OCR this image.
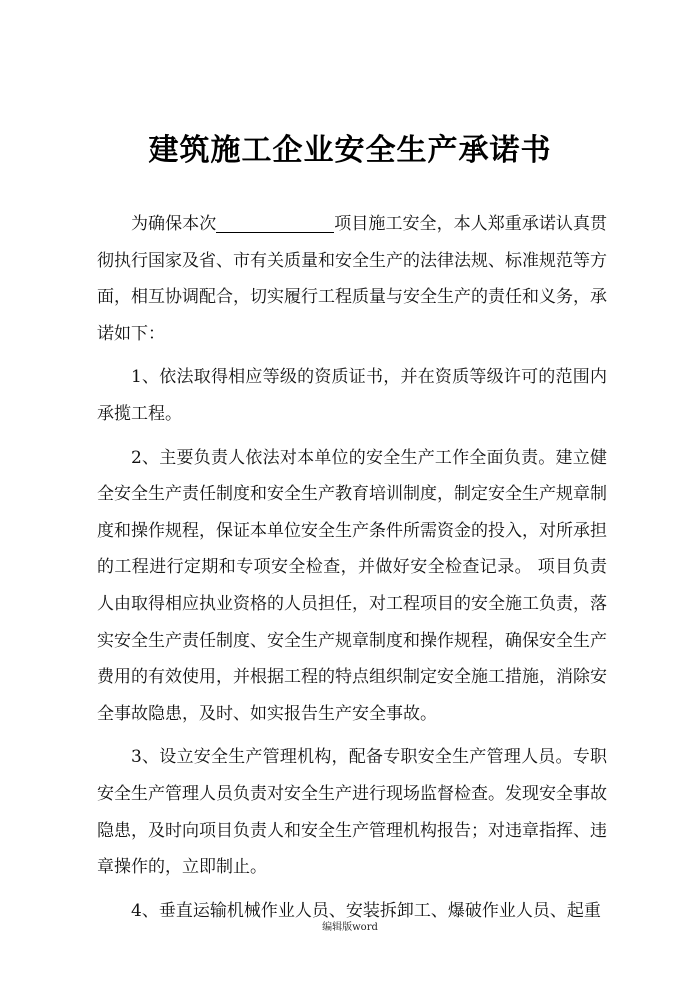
建筑施工企业安全生产承诺书

为确保本次	项目施工安全，本人郑重承诺认真贯彻执行国家及省、市有关质量和安全生产的法律法规、标准规范等方面，相互协调配合，切实履行工程质量与安全生产的责任和义务，承诺如下：

1、依法取得相应等级的资质证书，并在资质等级许可的范围内承揽工程。

2、主要负责人依法对本单位的安全生产工作全面负责。建立健全安全生产责任制度和安全生产教育培训制度，制定安全生产规章制度和操作规程，保证本单位安全生产条件所需资金的投入，对所承担的工程进行定期和专项安全检查，并做好安全检查记录。 项目负责人由取得相应执业资格的人员担任，对工程项目的安全施工负责，落实安全生产责任制度、安全生产规章制度和操作规程，确保安全生产费用的有效使用，并根据工程的特点组织制定安全施工措施，消除安全事故隐患，及时、如实报告生产安全事故。

3、设立安全生产管理机构，配备专职安全生产管理人员。专职安全生产管理人员负责对安全生产进行现场监督检查。发现安全事故隐患，及时向项目负责人和安全生产管理机构报告；对违章指挥、违章操作的，立即制止。

4、垂直运输机械作业人员、安装拆卸工、爆破作业人员、起重

编辑版word
